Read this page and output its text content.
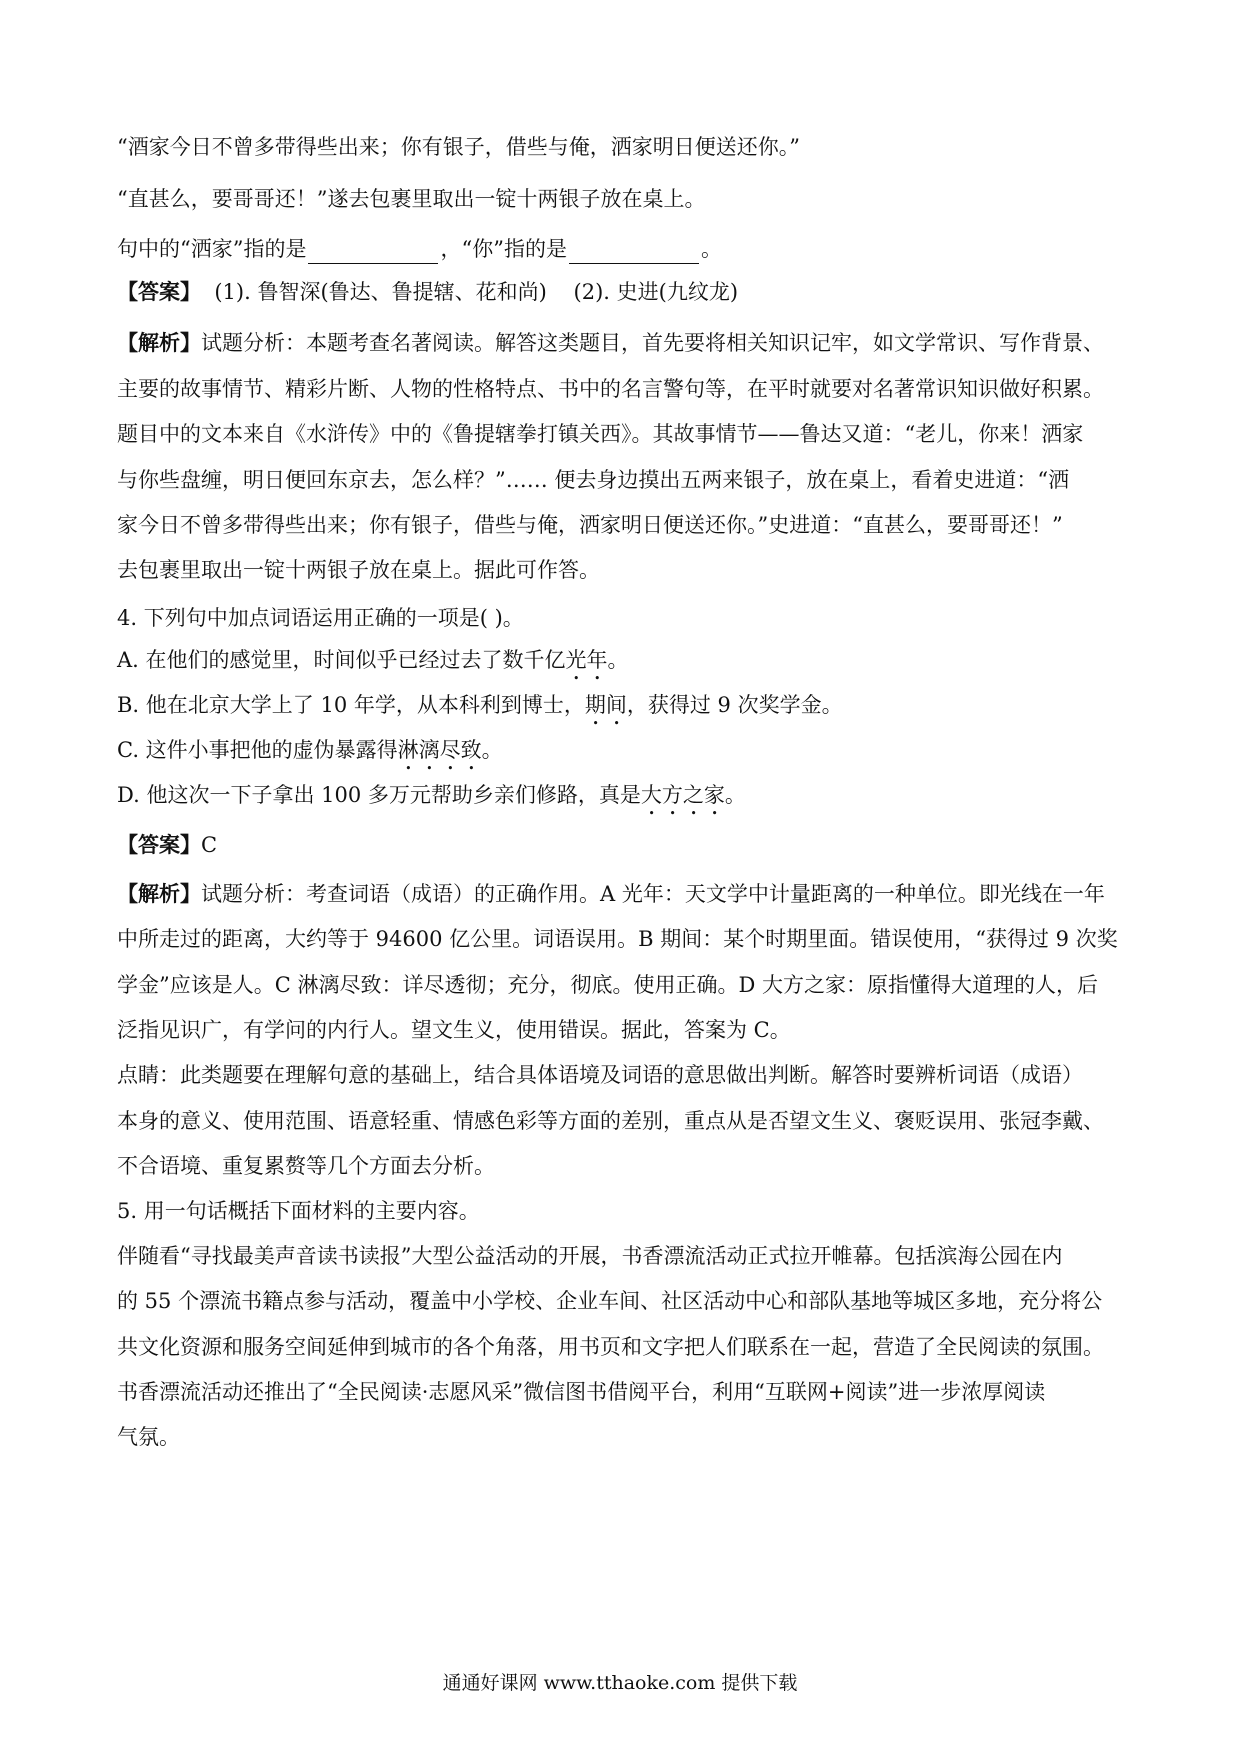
“酒家今日不曾多带得些出来；你有银子，借些与俺，洒家明日便送还你。”
“直甚么，要哥哥还！”遂去包裹里取出一锭十两银子放在桌上。
句中的“洒家”指的是	，“你”指的是	。
【答案】  (1). 鲁智深(鲁达、鲁提辖、花和尚)    (2). 史进(九纹龙)
【解析】试题分析：本题考查名著阅读。解答这类题目，首先要将相关知识记牢，如文学常识、写作背景、
主要的故事情节、精彩片断、人物的性格特点、书中的名言警句等，在平时就要对名著常识知识做好积累。
题目中的文本来自《水浒传》中的《鲁提辖拳打镇关西》。其故事情节——鲁达又道：“老儿，你来！洒家
与你些盘缠，明日便回东京去，怎么样？”…… 便去身边摸出五两来银子，放在桌上，看着史进道：“洒
家今日不曾多带得些出来；你有银子，借些与俺，洒家明日便送还你。”史进道：“直甚么，要哥哥还！”
去包裹里取出一锭十两银子放在桌上。据此可作答。
4. 下列句中加点词语运用正确的一项是( )。
A. 在他们的感觉里，时间似乎已经过去了数千亿光年。
B. 他在北京大学上了 10 年学，从本科利到博士，期间，获得过 9 次奖学金。
C. 这件小事把他的虚伪暴露得淋漓尽致。
D. 他这次一下子拿出 100 多万元帮助乡亲们修路，真是大方之家。
【答案】C
【解析】试题分析：考查词语（成语）的正确作用。A 光年：天文学中计量距离的一种单位。即光线在一年
中所走过的距离，大约等于 94600 亿公里。词语误用。B 期间：某个时期里面。错误使用，“获得过 9 次奖
学金”应该是人。C 淋漓尽致：详尽透彻；充分，彻底。使用正确。D 大方之家：原指懂得大道理的人，后
泛指见识广，有学问的内行人。望文生义，使用错误。据此，答案为 C。
点睛：此类题要在理解句意的基础上，结合具体语境及词语的意思做出判断。解答时要辨析词语（成语）
本身的意义、使用范围、语意轻重、情感色彩等方面的差别，重点从是否望文生义、褒贬误用、张冠李戴、
不合语境、重复累赘等几个方面去分析。
5. 用一句话概括下面材料的主要内容。
伴随看“寻找最美声音读书读报”大型公益活动的开展，书香漂流活动正式拉开帷幕。包括滨海公园在内
的 55 个漂流书籍点参与活动，覆盖中小学校、企业车间、社区活动中心和部队基地等城区多地，充分将公
共文化资源和服务空间延伸到城市的各个角落，用书页和文字把人们联系在一起，营造了全民阅读的氛围。
书香漂流活动还推出了“全民阅读·志愿风采”微信图书借阅平台，利用“互联网+阅读”进一步浓厚阅读
气氛。
通通好课网 www.tthaoke.com 提供下载
